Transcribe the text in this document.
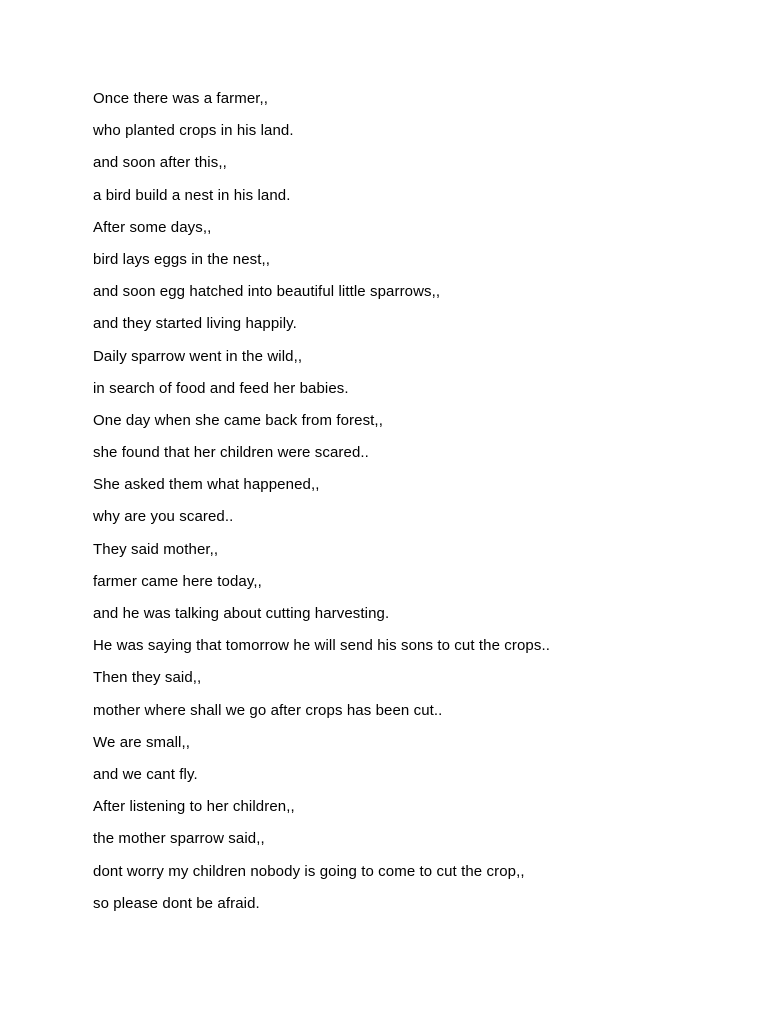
Once there was a farmer,,
who planted crops in his land.
and soon after this,,
a bird build a nest in his land.
After some days,,
bird lays eggs in the nest,,
and soon egg hatched into beautiful little sparrows,,
and they started living happily.
Daily sparrow went in the wild,,
in search of food and feed her babies.
One day when she came back from forest,,
she found that her children were scared..
She asked them what happened,,
why are you scared..
They said mother,,
farmer came here today,,
and he was talking about cutting harvesting.
He was saying that tomorrow he will send his sons to cut the crops..
Then they said,,
mother where shall we go after crops has been cut..
We are small,,
and we cant fly.
After listening to her children,,
the mother sparrow said,,
dont worry my children nobody is going to come to cut the crop,,
so please dont be afraid.
